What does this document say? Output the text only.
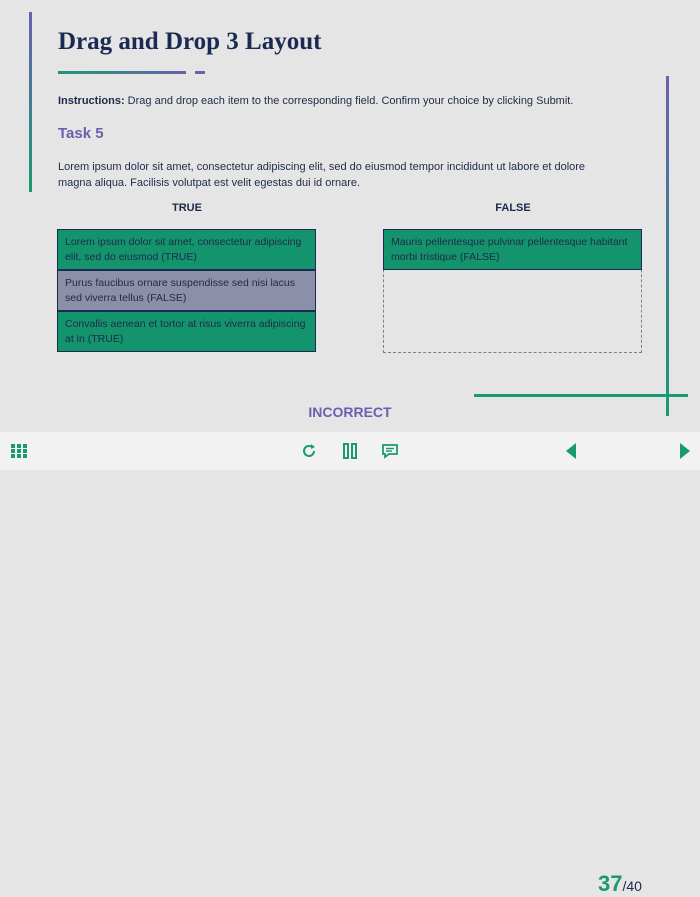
Drag and Drop 3 Layout
Instructions: Drag and drop each item to the corresponding field. Confirm your choice by clicking Submit.
Task 5
Lorem ipsum dolor sit amet, consectetur adipiscing elit, sed do eiusmod tempor incididunt ut labore et dolore magna aliqua. Facilisis volutpat est velit egestas dui id ornare.
TRUE	FALSE
Lorem ipsum dolor sit amet, consectetur adipiscing elit, sed do eiusmod (TRUE)
Purus faucibus ornare suspendisse sed nisi lacus sed viverra tellus (FALSE)
Convallis aenean et tortor at risus viverra adipiscing at in (TRUE)
Mauris pellentesque pulvinar pellentesque habitant morbi tristique (FALSE)
INCORRECT
37/40
